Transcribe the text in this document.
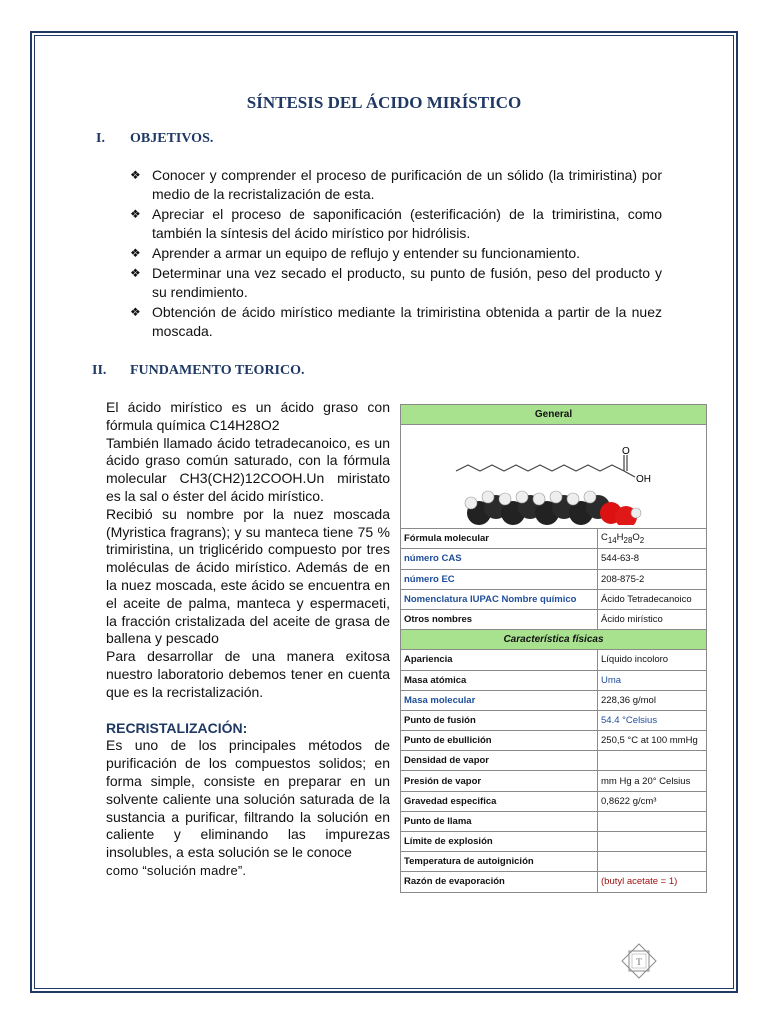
SÍNTESIS DEL ÁCIDO MIRÍSTICO
I. OBJETIVOS.
❖ Conocer y comprender el proceso de purificación de un sólido (la trimiristina) por medio de la recristalización de esta.
❖ Apreciar el proceso de saponificación (esterificación) de la trimiristina, como también la síntesis del ácido mirístico por hidrólisis.
❖ Aprender a armar un equipo de reflujo y entender su funcionamiento.
❖ Determinar una vez secado el producto, su punto de fusión, peso del producto y su rendimiento.
❖ Obtención de ácido mirístico mediante la trimiristina obtenida a partir de la nuez moscada.
II. FUNDAMENTO TEORICO.

El ácido mirístico es un ácido graso con fórmula química C14H28O2

También llamado ácido tetradecanoico, es un ácido graso común saturado, con la fórmula molecular CH3(CH2)12COOH.Un miristato es la sal o éster del ácido mirístico.

Recibió su nombre por la nuez moscada (Myristica fragrans); y su manteca tiene 75 % trimiristina, un triglicérido compuesto por tres moléculas de ácido mirístico. Además de en la nuez moscada, este ácido se encuentra en el aceite de palma, manteca y espermaceti, la fracción cristalizada del aceite de grasa de ballena y pescado

Para desarrollar de una manera exitosa nuestro laboratorio debemos tener en cuenta que es la recristalización.

RECRISTALIZACIÓN:

Es uno de los principales métodos de purificación de los compuestos solidos; en forma simple, consiste en preparar en un solvente caliente una solución saturada de la sustancia a purificar, filtrando la solución en caliente y eliminando las impurezas insolubles, a esta solución se le conoce

como “solución madre”.

General	

O
OH	

Fórmula molecular	$C_{14}H_{28}O_2$
número CAS	544-63-8
número EC	208-875-2
Nomenclatura IUPAC Nombre químico	Ácido Tetradecanoico
Otros nombres	Ácido mirístico
Característica físicas	
Apariencia	Líquido incoloro
Masa atómica	Uma
Masa molecular	228,36 g/mol
Punto de fusión	54.4 °Celsius
Punto de ebullición	250,5 °C at 100 mmHg
Densidad de vapor	
Presión de vapor	mm Hg a 20° Celsius
Gravedad especifica	0,8622 g/cm³
Punto de llama	
Límite de explosión	
Temperatura de autoignición	
Razón de evaporación	(butyl acetate = 1)
T
